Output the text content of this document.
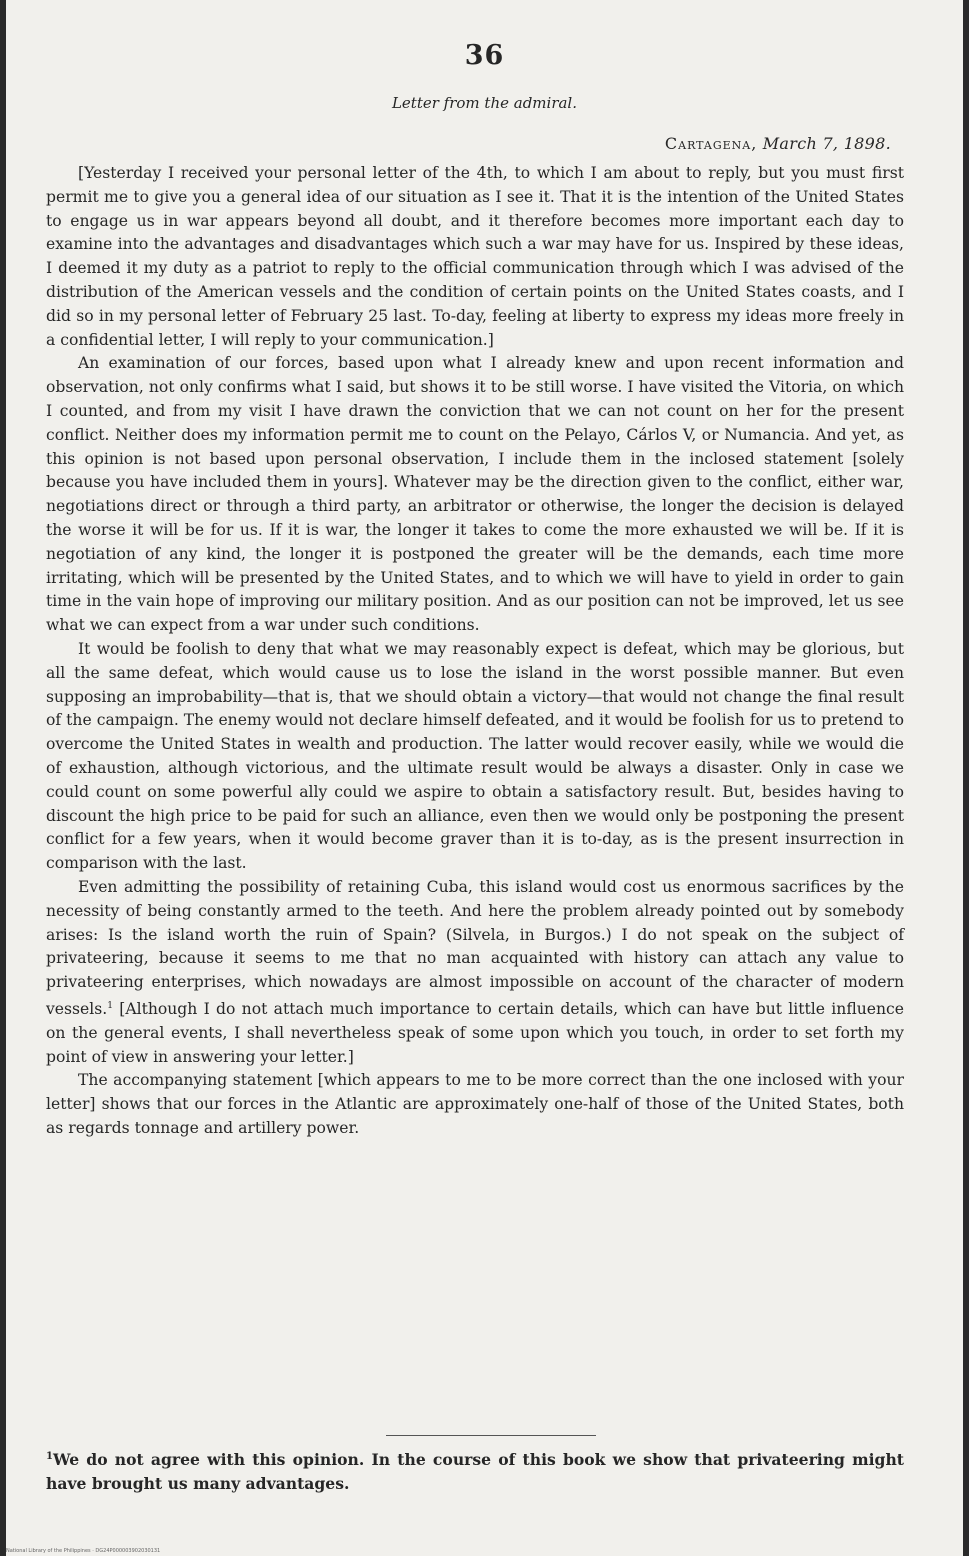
36
Letter from the admiral.
Cartagena, March 7, 1898.

[Yesterday I received your personal letter of the 4th, to which I am about to reply, but you must first permit me to give you a general idea of our situation as I see it. That it is the intention of the United States to engage us in war appears beyond all doubt, and it therefore becomes more important each day to examine into the advantages and disadvantages which such a war may have for us. Inspired by these ideas, I deemed it my duty as a patriot to reply to the official communication through which I was advised of the distribution of the American vessels and the condition of certain points on the United States coasts, and I did so in my personal letter of February 25 last. To-day, feeling at liberty to express my ideas more freely in a confidential letter, I will reply to your communication.]

An examination of our forces, based upon what I already knew and upon recent information and observation, not only confirms what I said, but shows it to be still worse. I have visited the Vitoria, on which I counted, and from my visit I have drawn the conviction that we can not count on her for the present conflict. Neither does my information permit me to count on the Pelayo, Cárlos V, or Numancia. And yet, as this opinion is not based upon personal observation, I include them in the inclosed statement [solely because you have included them in yours]. Whatever may be the direction given to the conflict, either war, negotiations direct or through a third party, an arbitrator or otherwise, the longer the decision is delayed the worse it will be for us. If it is war, the longer it takes to come the more exhausted we will be. If it is negotiation of any kind, the longer it is postponed the greater will be the demands, each time more irritating, which will be presented by the United States, and to which we will have to yield in order to gain time in the vain hope of improving our military position. And as our position can not be improved, let us see what we can expect from a war under such conditions.

It would be foolish to deny that what we may reasonably expect is defeat, which may be glorious, but all the same defeat, which would cause us to lose the island in the worst possible manner. But even supposing an improbability—that is, that we should obtain a victory—that would not change the final result of the campaign. The enemy would not declare himself defeated, and it would be foolish for us to pretend to overcome the United States in wealth and production. The latter would recover easily, while we would die of exhaustion, although victorious, and the ultimate result would be always a disaster. Only in case we could count on some powerful ally could we aspire to obtain a satisfactory result. But, besides having to discount the high price to be paid for such an alliance, even then we would only be postponing the present conflict for a few years, when it would become graver than it is to-day, as is the present insurrection in comparison with the last.

Even admitting the possibility of retaining Cuba, this island would cost us enormous sacrifices by the necessity of being constantly armed to the teeth. And here the problem already pointed out by somebody arises: Is the island worth the ruin of Spain? (Silvela, in Burgos.) I do not speak on the subject of privateering, because it seems to me that no man acquainted with history can attach any value to privateering enterprises, which nowadays are almost impossible on account of the character of modern vessels.$^1$ [Although I do not attach much importance to certain details, which can have but little influence on the general events, I shall nevertheless speak of some upon which you touch, in order to set forth my point of view in answering your letter.]

The accompanying statement [which appears to me to be more correct than the one inclosed with your letter] shows that our forces in the Atlantic are approximately one-half of those of the United States, both as regards tonnage and artillery power.

$^1$We do not agree with this opinion. In the course of this book we show that privateering might have brought us many advantages.
National Library of the Philippines · DG24P000003902030131
